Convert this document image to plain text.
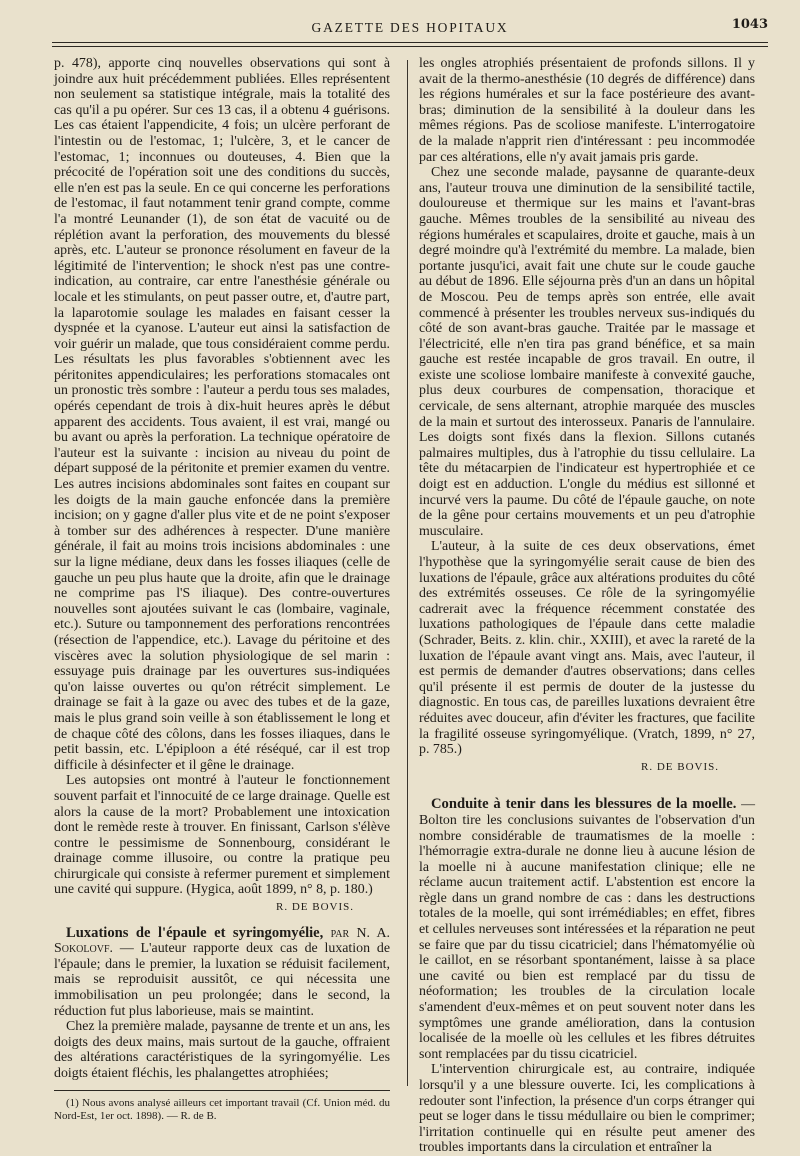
GAZETTE DES HOPITAUX	1043

p. 478), apporte cinq nouvelles observations qui sont à joindre aux huit précédemment publiées. Elles représentent non seulement sa statistique intégrale, mais la totalité des cas qu'il a pu opérer. Sur ces 13 cas, il a obtenu 4 guérisons. Les cas étaient l'appendicite, 4 fois; un ulcère perforant de l'intestin ou de l'estomac, 1; l'ulcère, 3, et le cancer de l'estomac, 1; inconnues ou douteuses, 4. Bien que la précocité de l'opération soit une des conditions du succès, elle n'en est pas la seule. En ce qui concerne les perforations de l'estomac, il faut notamment tenir grand compte, comme l'a montré Leunander (1), de son état de vacuité ou de réplétion avant la perforation, des mouvements du blessé après, etc. L'auteur se prononce résolument en faveur de la légitimité de l'intervention; le shock n'est pas une contre-indication, au contraire, car entre l'anesthésie générale ou locale et les stimulants, on peut passer outre, et, d'autre part, la laparotomie soulage les malades en faisant cesser la dyspnée et la cyanose. L'auteur eut ainsi la satisfaction de voir guérir un malade, que tous considéraient comme perdu. Les résultats les plus favorables s'obtiennent avec les péritonites appendiculaires; les perforations stomacales ont un pronostic très sombre : l'auteur a perdu tous ses malades, opérés cependant de trois à dix-huit heures après le début apparent des accidents. Tous avaient, il est vrai, mangé ou bu avant ou après la perforation. La technique opératoire de l'auteur est la suivante : incision au niveau du point de départ supposé de la péritonite et premier examen du ventre. Les autres incisions abdominales sont faites en coupant sur les doigts de la main gauche enfoncée dans la première incision; on y gagne d'aller plus vite et de ne point s'exposer à tomber sur des adhérences à respecter. D'une manière générale, il fait au moins trois incisions abdominales : une sur la ligne médiane, deux dans les fosses iliaques (celle de gauche un peu plus haute que la droite, afin que le drainage ne comprime pas l'S iliaque). Des contre-ouvertures nouvelles sont ajoutées suivant le cas (lombaire, vaginale, etc.). Suture ou tamponnement des perforations rencontrées (résection de l'appendice, etc.). Lavage du péritoine et des viscères avec la solution physiologique de sel marin : essuyage puis drainage par les ouvertures sus-indiquées qu'on laisse ouvertes ou qu'on rétrécit simplement. Le drainage se fait à la gaze ou avec des tubes et de la gaze, mais le plus grand soin veille à son établissement le long et de chaque côté des côlons, dans les fosses iliaques, dans le petit bassin, etc. L'épiploon a été réséqué, car il est trop difficile à désinfecter et il gêne le drainage.

Les autopsies ont montré à l'auteur le fonctionnement souvent parfait et l'innocuité de ce large drainage. Quelle est alors la cause de la mort? Probablement une intoxication dont le remède reste à trouver. En finissant, Carlson s'élève contre le pessimisme de Sonnenbourg, considérant le drainage comme illusoire, ou contre la pratique peu chirurgicale qui consiste à refermer purement et simplement une cavité qui suppure. (Hygica, août 1899, n° 8, p. 180.)

R. DE BOVIS.

Luxations de l'épaule et syringomyélie, par N. A. Sokolovf. — L'auteur rapporte deux cas de luxation de l'épaule; dans le premier, la luxation se réduisit facilement, mais se reproduisit aussitôt, ce qui nécessita une immobilisation un peu prolongée; dans le second, la réduction fut plus laborieuse, mais se maintint.

Chez la première malade, paysanne de trente et un ans, les doigts des deux mains, mais surtout de la gauche, offraient des altérations caractéristiques de la syringomyélie. Les doigts étaient fléchis, les phalangettes atrophiées;

(1) Nous avons analysé ailleurs cet important travail (Cf. Union méd. du Nord-Est, 1er oct. 1898). — R. de B.

les ongles atrophiés présentaient de profonds sillons. Il y avait de la thermo-anesthésie (10 degrés de différence) dans les régions humérales et sur la face postérieure des avant-bras; diminution de la sensibilité à la douleur dans les mêmes régions. Pas de scoliose manifeste. L'interrogatoire de la malade n'apprit rien d'intéressant : peu incommodée par ces altérations, elle n'y avait jamais pris garde.

Chez une seconde malade, paysanne de quarante-deux ans, l'auteur trouva une diminution de la sensibilité tactile, douloureuse et thermique sur les mains et l'avant-bras gauche. Mêmes troubles de la sensibilité au niveau des régions humérales et scapulaires, droite et gauche, mais à un degré moindre qu'à l'extrémité du membre. La malade, bien portante jusqu'ici, avait fait une chute sur le coude gauche au début de 1896. Elle séjourna près d'un an dans un hôpital de Moscou. Peu de temps après son entrée, elle avait commencé à présenter les troubles nerveux sus-indiqués du côté de son avant-bras gauche. Traitée par le massage et l'électricité, elle n'en tira pas grand bénéfice, et sa main gauche est restée incapable de gros travail. En outre, il existe une scoliose lombaire manifeste à convexité gauche, plus deux courbures de compensation, thoracique et cervicale, de sens alternant, atrophie marquée des muscles de la main et surtout des interosseux. Panaris de l'annulaire. Les doigts sont fixés dans la flexion. Sillons cutanés palmaires multiples, dus à l'atrophie du tissu cellulaire. La tête du métacarpien de l'indicateur est hypertrophiée et ce doigt est en adduction. L'ongle du médius est sillonné et incurvé vers la paume. Du côté de l'épaule gauche, on note de la gêne pour certains mouvements et un peu d'atrophie musculaire.

L'auteur, à la suite de ces deux observations, émet l'hypothèse que la syringomyélie serait cause de bien des luxations de l'épaule, grâce aux altérations produites du côté des extrémités osseuses. Ce rôle de la syringomyélie cadrerait avec la fréquence récemment constatée des luxations pathologiques de l'épaule dans cette maladie (Schrader, Beits. z. klin. chir., XXIII), et avec la rareté de la luxation de l'épaule avant vingt ans. Mais, avec l'auteur, il est permis de demander d'autres observations; dans celles qu'il présente il est permis de douter de la justesse du diagnostic. En tous cas, de pareilles luxations devraient être réduites avec douceur, afin d'éviter les fractures, que facilite la fragilité osseuse syringomyélique. (Vratch, 1899, n° 27, p. 785.)

R. DE BOVIS.

Conduite à tenir dans les blessures de la moelle. — Bolton tire les conclusions suivantes de l'observation d'un nombre considérable de traumatismes de la moelle : l'hémorragie extra-durale ne donne lieu à aucune lésion de la moelle ni à aucune manifestation clinique; elle ne réclame aucun traitement actif. L'abstention est encore la règle dans un grand nombre de cas : dans les destructions totales de la moelle, qui sont irrémédiables; en effet, fibres et cellules nerveuses sont intéressées et la réparation ne peut se faire que par du tissu cicatriciel; dans l'hématomyélie où le caillot, en se résorbant spontanément, laisse à sa place une cavité ou bien est remplacé par du tissu de néoformation; les troubles de la circulation locale s'amendent d'eux-mêmes et on peut souvent noter dans les symptômes une grande amélioration, dans la contusion localisée de la moelle où les cellules et les fibres détruites sont remplacées par du tissu cicatriciel.

L'intervention chirurgicale est, au contraire, indiquée lorsqu'il y a une blessure ouverte. Ici, les complications à redouter sont l'infection, la présence d'un corps étranger qui peut se loger dans le tissu médullaire ou bien le comprimer; l'irritation continuelle qui en résulte peut amener des troubles importants dans la circulation et entraîner la
